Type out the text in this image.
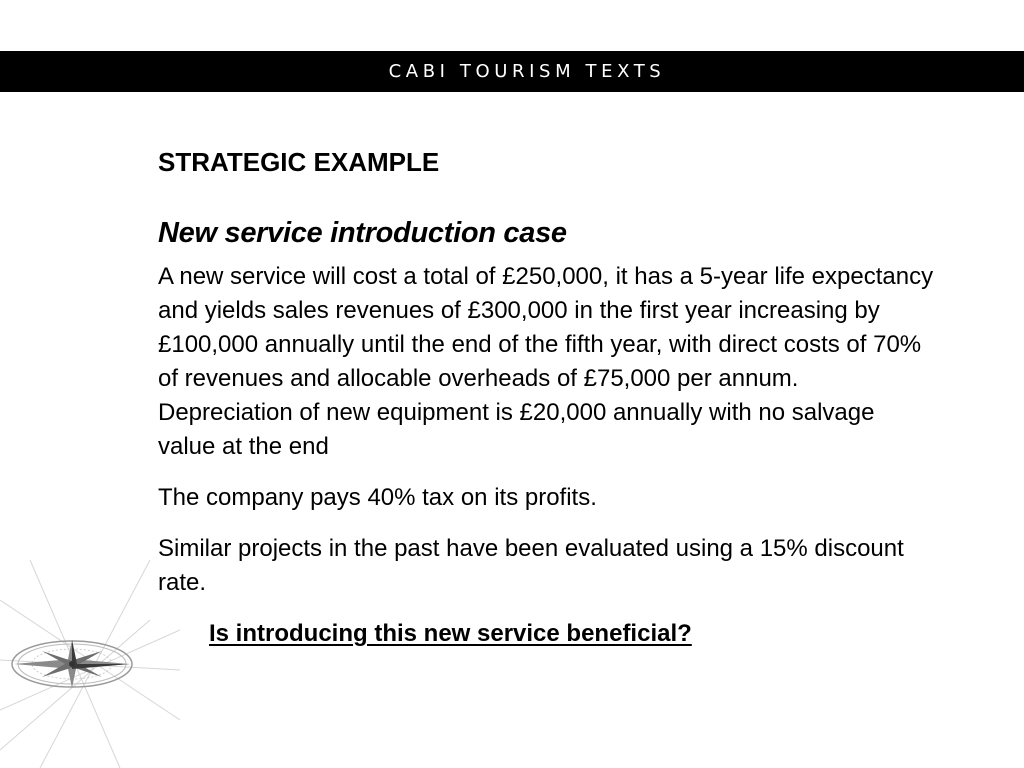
CABI TOURISM TEXTS
STRATEGIC EXAMPLE
New service introduction case

A new service will cost a total of £250,000, it has a 5-year life expectancy and yields sales revenues of £300,000 in the first year increasing by £100,000 annually until the end of the fifth year, with direct costs of 70% of revenues and allocable overheads of £75,000 per annum. Depreciation of new equipment is £20,000 annually with no salvage value at the end

The company pays 40% tax on its profits.

Similar projects in the past have been evaluated using a 15% discount rate.

Is introducing this new service beneficial?
